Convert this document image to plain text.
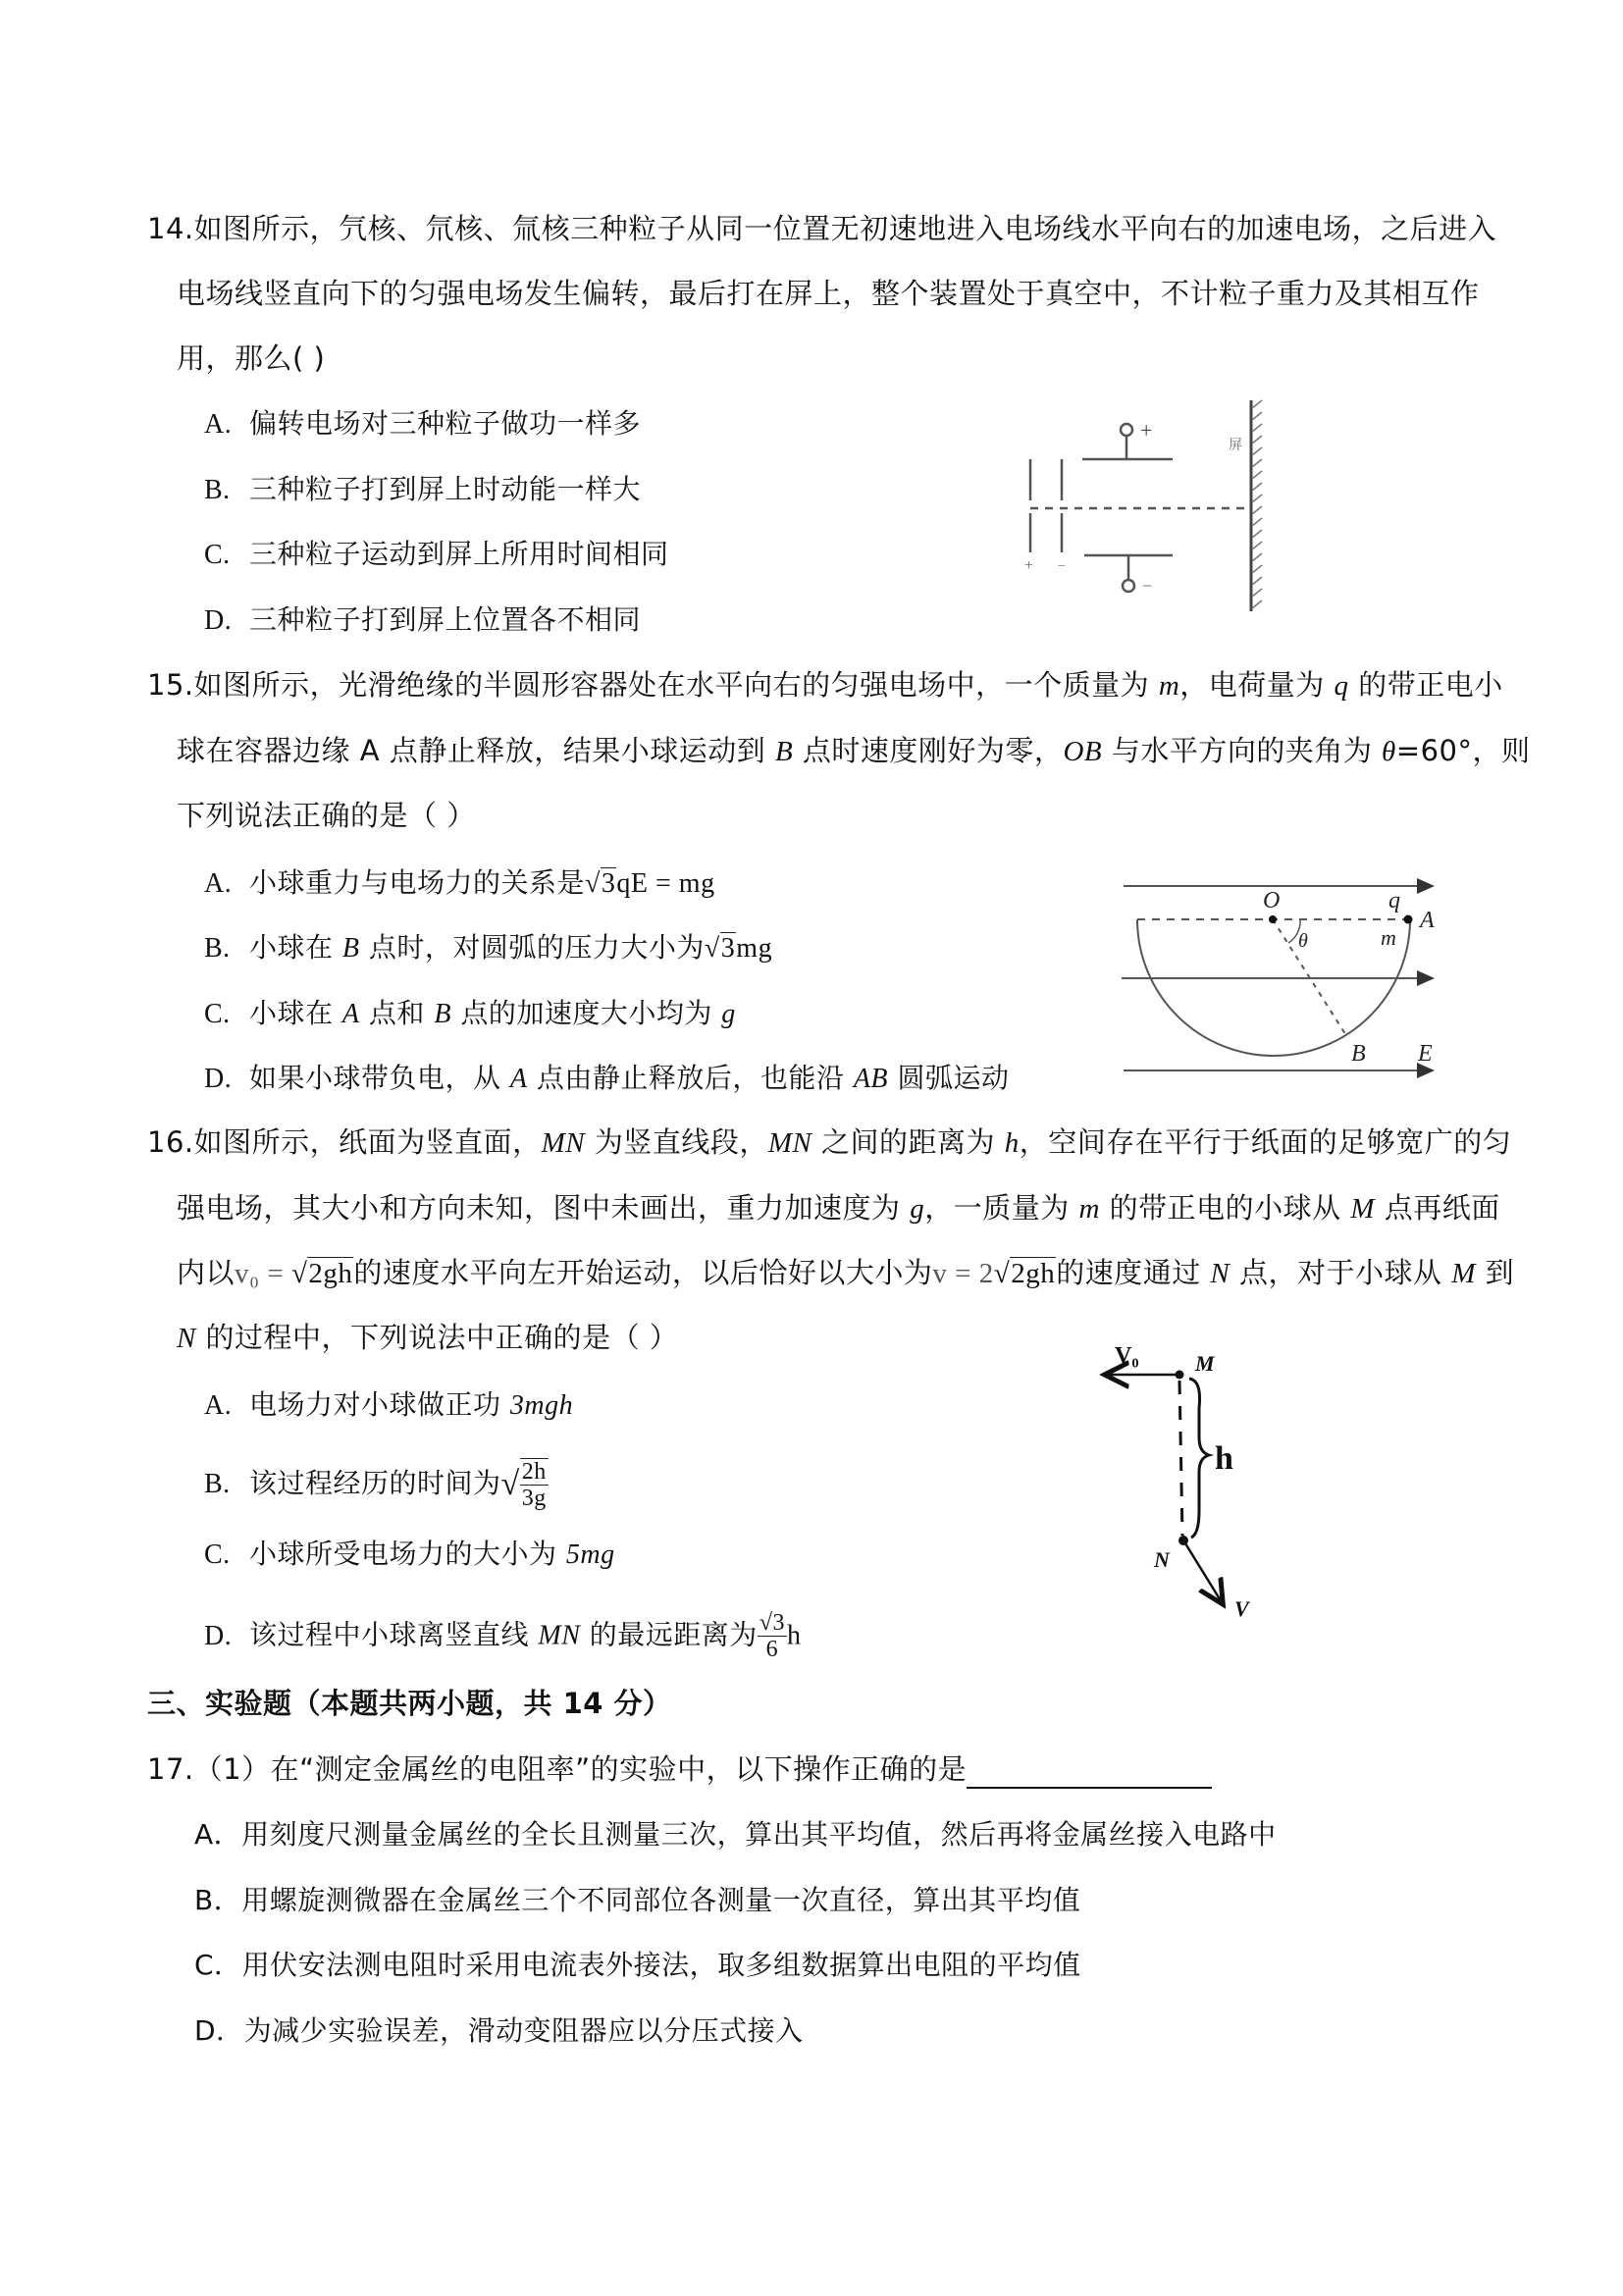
14.如图所示，氕核、氘核、氚核三种粒子从同一位置无初速地进入电场线水平向右的加速电场，之后进入
电场线竖直向下的匀强电场发生偏转，最后打在屏上，整个装置处于真空中，不计粒子重力及其相互作
用，那么( )
A. 偏转电场对三种粒子做功一样多
B. 三种粒子打到屏上时动能一样大
C. 三种粒子运动到屏上所用时间相同
D. 三种粒子打到屏上位置各不相同
屏
+
−
+ −
15.如图所示，光滑绝缘的半圆形容器处在水平向右的匀强电场中，一个质量为 m，电荷量为 q 的带正电小
球在容器边缘 A 点静止释放，结果小球运动到 B 点时速度刚好为零，OB 与水平方向的夹角为 θ=60°，则
下列说法正确的是（ ）
A. 小球重力与电场力的关系是√3qE = mg
B. 小球在 B 点时，对圆弧的压力大小为√3mg
C. 小球在 A 点和 B 点的加速度大小均为 g
D. 如果小球带负电，从 A 点由静止释放后，也能沿 AB 圆弧运动
O	q
A
m
θ
B E
16.如图所示，纸面为竖直面，MN 为竖直线段，MN 之间的距离为 h，空间存在平行于纸面的足够宽广的匀
强电场，其大小和方向未知，图中未画出，重力加速度为 g，一质量为 m 的带正电的小球从 M 点再纸面
内以v₀ = √2gh的速度水平向左开始运动，以后恰好以大小为v = 2√2gh的速度通过 N 点，对于小球从 M 到
N 的过程中，下列说法中正确的是（ ）
A. 电场力对小球做正功 3mgh
B. 该过程经历的时间为√ $\frac{2h}{3g}$
C. 小球所受电场力的大小为 5mg
D. 该过程中小球离竖直线 MN 的最远距离为 $\frac{√3}{6}$ h
V₀	M
h
N
V
三、实验题（本题共两小题，共 14 分）
17.（1）在“测定金属丝的电阻率”的实验中，以下操作正确的是
A．用刻度尺测量金属丝的全长且测量三次，算出其平均值，然后再将金属丝接入电路中
B．用螺旋测微器在金属丝三个不同部位各测量一次直径，算出其平均值
C．用伏安法测电阻时采用电流表外接法，取多组数据算出电阻的平均值
D．为减少实验误差，滑动变阻器应以分压式接入
